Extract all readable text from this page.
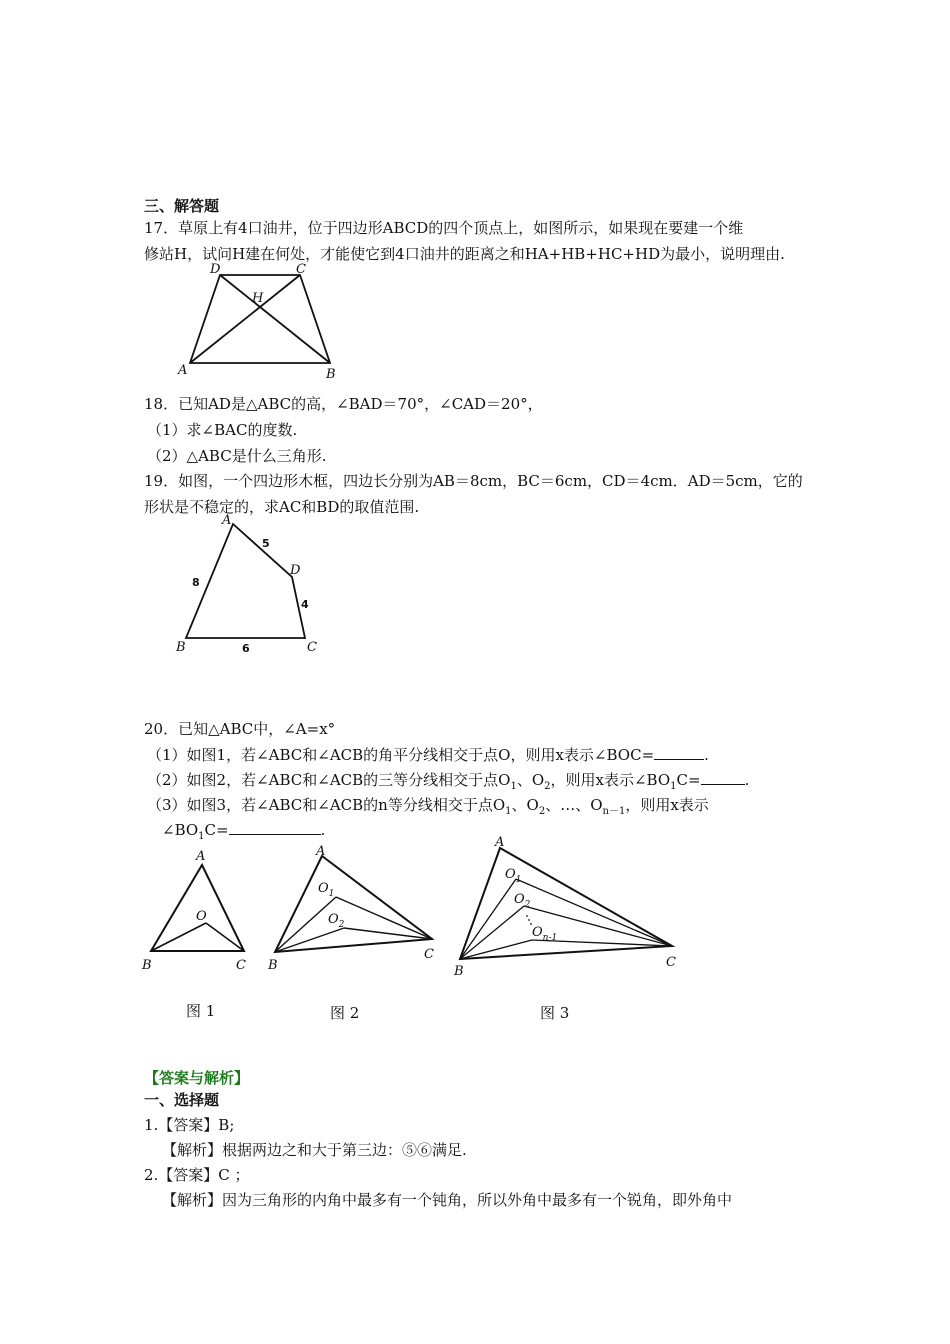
三、解答题
17．草原上有4口油井，位于四边形ABCD的四个顶点上，如图所示，如果现在要建一个维
修站H，试问H建在何处，才能使它到4口油井的距离之和HA+HB+HC+HD为最小，说明理由.
D	C
H
A	B
18．已知AD是△ABC的高，∠BAD＝70°，∠CAD＝20°，
（1）求∠BAC的度数.
（2）△ABC是什么三角形.
19．如图，一个四边形木框，四边长分别为AB＝8cm，BC＝6cm，CD＝4cm．AD＝5cm，它的
形状是不稳定的，求AC和BD的取值范围.
A
D
B	C
5
8
4
6
20．已知△ABC中，∠A=x°
（1）如图1，若∠ABC和∠ACB的角平分线相交于点O，则用x表示∠BOC=	.
（2）如图2，若∠ABC和∠ACB的三等分线相交于点$O_1$、$O_2$，则用x表示$\angle BO_1C=$	.
（3）如图3，若∠ABC和∠ACB的n等分线相交于点$O_1$、$O_2$、…、$O_{n-1}$，则用x表示
$\angle BO_1C=$	.
A
O
B	C
A
$O_1$
$O_2$
B
C
A
$O_1$
$O_2$
$O_{n-1}$
B
C
图 1	图 2	图 3
【答案与解析】
一、选择题
1.【答案】B;
【解析】根据两边之和大于第三边：⑤⑥满足.
2.【答案】C ；
【解析】因为三角形的内角中最多有一个钝角，所以外角中最多有一个锐角，即外角中
